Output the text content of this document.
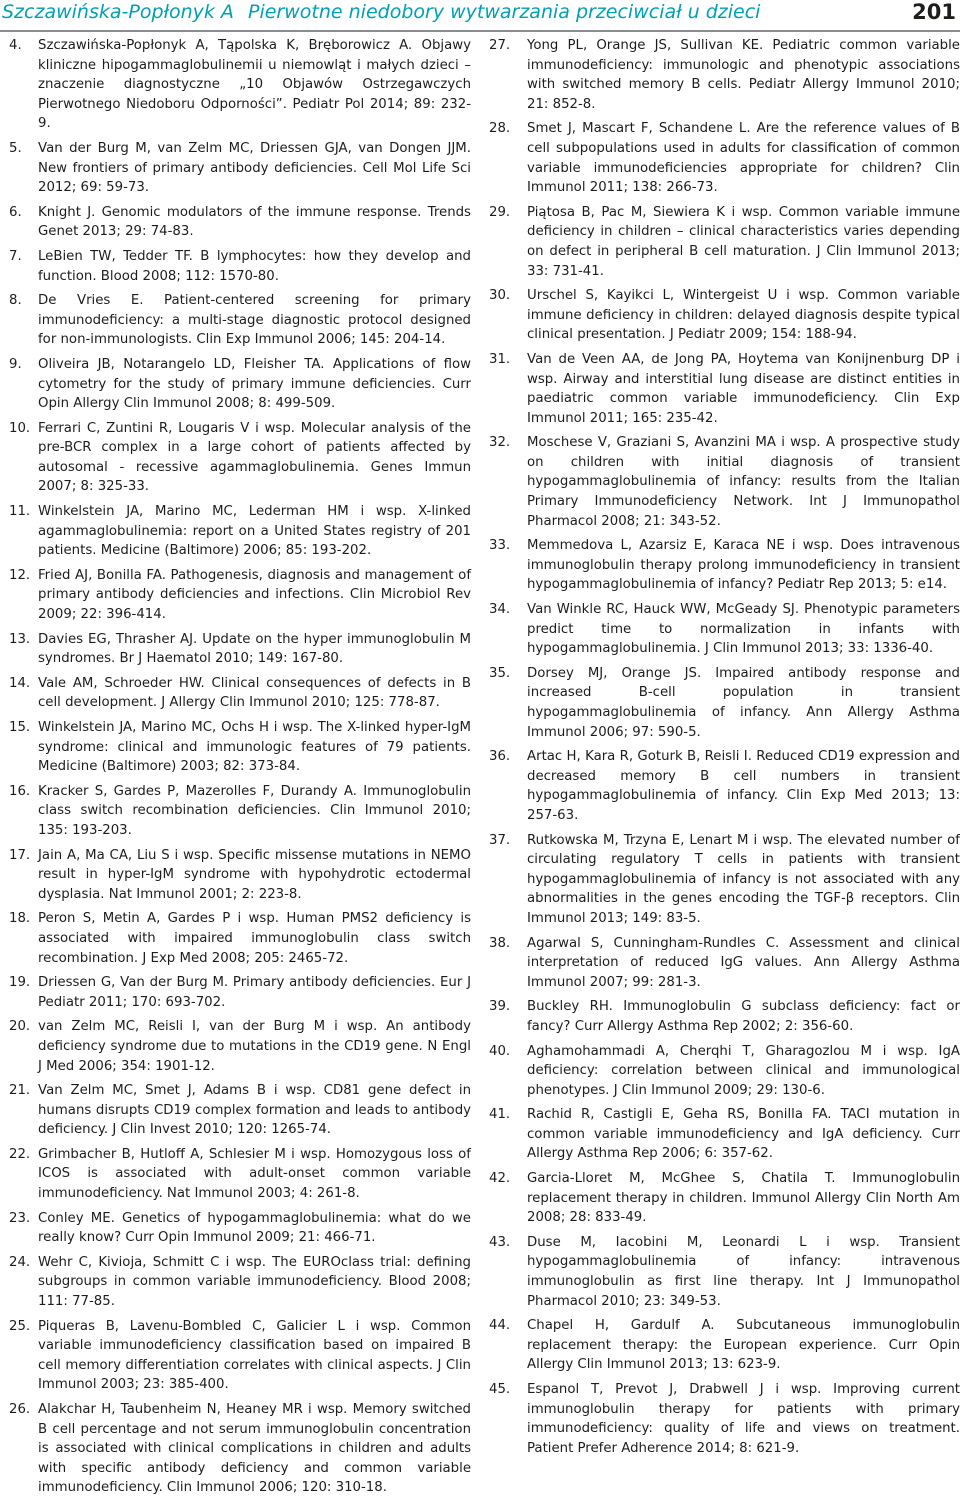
Szczawińska-Popłonyk A Pierwotne niedobory wytwarzania przeciwciał u dzieci	201
4. Szczawińska-Popłonyk A, Tąpolska K, Bręborowicz A. Objawy kliniczne hipogammaglobulinemii u niemowląt i małych dzieci – znaczenie diagnostyczne „10 Objawów Ostrzegawczych Pierwotnego Niedoboru Odporności”. Pediatr Pol 2014; 89: 232-9.
5. Van der Burg M, van Zelm MC, Driessen GJA, van Dongen JJM. New frontiers of primary antibody deficiencies. Cell Mol Life Sci 2012; 69: 59-73.
6. Knight J. Genomic modulators of the immune response. Trends Genet 2013; 29: 74-83.
7. LeBien TW, Tedder TF. B lymphocytes: how they develop and function. Blood 2008; 112: 1570-80.
8. De Vries E. Patient-centered screening for primary immunodeficiency: a multi-stage diagnostic protocol designed for non-immunologists. Clin Exp Immunol 2006; 145: 204-14.
9. Oliveira JB, Notarangelo LD, Fleisher TA. Applications of flow cytometry for the study of primary immune deficiencies. Curr Opin Allergy Clin Immunol 2008; 8: 499-509.
10. Ferrari C, Zuntini R, Lougaris V i wsp. Molecular analysis of the pre-BCR complex in a large cohort of patients affected by autosomal - recessive agammaglobulinemia. Genes Immun 2007; 8: 325-33.
11. Winkelstein JA, Marino MC, Lederman HM i wsp. X-linked agammaglobulinemia: report on a United States registry of 201 patients. Medicine (Baltimore) 2006; 85: 193-202.
12. Fried AJ, Bonilla FA. Pathogenesis, diagnosis and management of primary antibody deficiencies and infections. Clin Microbiol Rev 2009; 22: 396-414.
13. Davies EG, Thrasher AJ. Update on the hyper immunoglobulin M syndromes. Br J Haematol 2010; 149: 167-80.
14. Vale AM, Schroeder HW. Clinical consequences of defects in B cell development. J Allergy Clin Immunol 2010; 125: 778-87.
15. Winkelstein JA, Marino MC, Ochs H i wsp. The X-linked hyper-IgM syndrome: clinical and immunologic features of 79 patients. Medicine (Baltimore) 2003; 82: 373-84.
16. Kracker S, Gardes P, Mazerolles F, Durandy A. Immunoglobulin class switch recombination deficiencies. Clin Immunol 2010; 135: 193-203.
17. Jain A, Ma CA, Liu S i wsp. Specific missense mutations in NEMO result in hyper-IgM syndrome with hypohydrotic ectodermal dysplasia. Nat Immunol 2001; 2: 223-8.
18. Peron S, Metin A, Gardes P i wsp. Human PMS2 deficiency is associated with impaired immunoglobulin class switch recombination. J Exp Med 2008; 205: 2465-72.
19. Driessen G, Van der Burg M. Primary antibody deficiencies. Eur J Pediatr 2011; 170: 693-702.
20. van Zelm MC, Reisli I, van der Burg M i wsp. An antibody deficiency syndrome due to mutations in the CD19 gene. N Engl J Med 2006; 354: 1901-12.
21. Van Zelm MC, Smet J, Adams B i wsp. CD81 gene defect in humans disrupts CD19 complex formation and leads to antibody deficiency. J Clin Invest 2010; 120: 1265-74.
22. Grimbacher B, Hutloff A, Schlesier M i wsp. Homozygous loss of ICOS is associated with adult-onset common variable immunodeficiency. Nat Immunol 2003; 4: 261-8.
23. Conley ME. Genetics of hypogammaglobulinemia: what do we really know? Curr Opin Immunol 2009; 21: 466-71.
24. Wehr C, Kivioja, Schmitt C i wsp. The EUROclass trial: defining subgroups in common variable immunodeficiency. Blood 2008; 111: 77-85.
25. Piqueras B, Lavenu-Bombled C, Galicier L i wsp. Common variable immunodeficiency classification based on impaired B cell memory differentiation correlates with clinical aspects. J Clin Immunol 2003; 23: 385-400.
26. Alakchar H, Taubenheim N, Heaney MR i wsp. Memory switched B cell percentage and not serum immunoglobulin concentration is associated with clinical complications in children and adults with specific antibody deficiency and common variable immunodeficiency. Clin Immunol 2006; 120: 310-18.
27. Yong PL, Orange JS, Sullivan KE. Pediatric common variable immunodeficiency: immunologic and phenotypic associations with switched memory B cells. Pediatr Allergy Immunol 2010; 21: 852-8.
28. Smet J, Mascart F, Schandene L. Are the reference values of B cell subpopulations used in adults for classification of common variable immunodeficiencies appropriate for children? Clin Immunol 2011; 138: 266-73.
29. Piątosa B, Pac M, Siewiera K i wsp. Common variable immune deficiency in children – clinical characteristics varies depending on defect in peripheral B cell maturation. J Clin Immunol 2013; 33: 731-41.
30. Urschel S, Kayikci L, Wintergeist U i wsp. Common variable immune deficiency in children: delayed diagnosis despite typical clinical presentation. J Pediatr 2009; 154: 188-94.
31. Van de Veen AA, de Jong PA, Hoytema van Konijnenburg DP i wsp. Airway and interstitial lung disease are distinct entities in paediatric common variable immunodeficiency. Clin Exp Immunol 2011; 165: 235-42.
32. Moschese V, Graziani S, Avanzini MA i wsp. A prospective study on children with initial diagnosis of transient hypogammaglobulinemia of infancy: results from the Italian Primary Immunodeficiency Network. Int J Immunopathol Pharmacol 2008; 21: 343-52.
33. Memmedova L, Azarsiz E, Karaca NE i wsp. Does intravenous immunoglobulin therapy prolong immunodeficiency in transient hypogammaglobulinemia of infancy? Pediatr Rep 2013; 5: e14.
34. Van Winkle RC, Hauck WW, McGeady SJ. Phenotypic parameters predict time to normalization in infants with hypogammaglobulinemia. J Clin Immunol 2013; 33: 1336-40.
35. Dorsey MJ, Orange JS. Impaired antibody response and increased B-cell population in transient hypogammaglobulinemia of infancy. Ann Allergy Asthma Immunol 2006; 97: 590-5.
36. Artac H, Kara R, Goturk B, Reisli I. Reduced CD19 expression and decreased memory B cell numbers in transient hypogammaglobulinemia of infancy. Clin Exp Med 2013; 13: 257-63.
37. Rutkowska M, Trzyna E, Lenart M i wsp. The elevated number of circulating regulatory T cells in patients with transient hypogammaglobulinemia of infancy is not associated with any abnormalities in the genes encoding the TGF-β receptors. Clin Immunol 2013; 149: 83-5.
38. Agarwal S, Cunningham-Rundles C. Assessment and clinical interpretation of reduced IgG values. Ann Allergy Asthma Immunol 2007; 99: 281-3.
39. Buckley RH. Immunoglobulin G subclass deficiency: fact or fancy? Curr Allergy Asthma Rep 2002; 2: 356-60.
40. Aghamohammadi A, Cherqhi T, Gharagozlou M i wsp. IgA deficiency: correlation between clinical and immunological phenotypes. J Clin Immunol 2009; 29: 130-6.
41. Rachid R, Castigli E, Geha RS, Bonilla FA. TACI mutation in common variable immunodeficiency and IgA deficiency. Curr Allergy Asthma Rep 2006; 6: 357-62.
42. Garcia-Lloret M, McGhee S, Chatila T. Immunoglobulin replacement therapy in children. Immunol Allergy Clin North Am 2008; 28: 833-49.
43. Duse M, Iacobini M, Leonardi L i wsp. Transient hypogammaglobulinemia of infancy: intravenous immunoglobulin as first line therapy. Int J Immunopathol Pharmacol 2010; 23: 349-53.
44. Chapel H, Gardulf A. Subcutaneous immunoglobulin replacement therapy: the European experience. Curr Opin Allergy Clin Immunol 2013; 13: 623-9.
45. Espanol T, Prevot J, Drabwell J i wsp. Improving current immunoglobulin therapy for patients with primary immunodeficiency: quality of life and views on treatment. Patient Prefer Adherence 2014; 8: 621-9.
